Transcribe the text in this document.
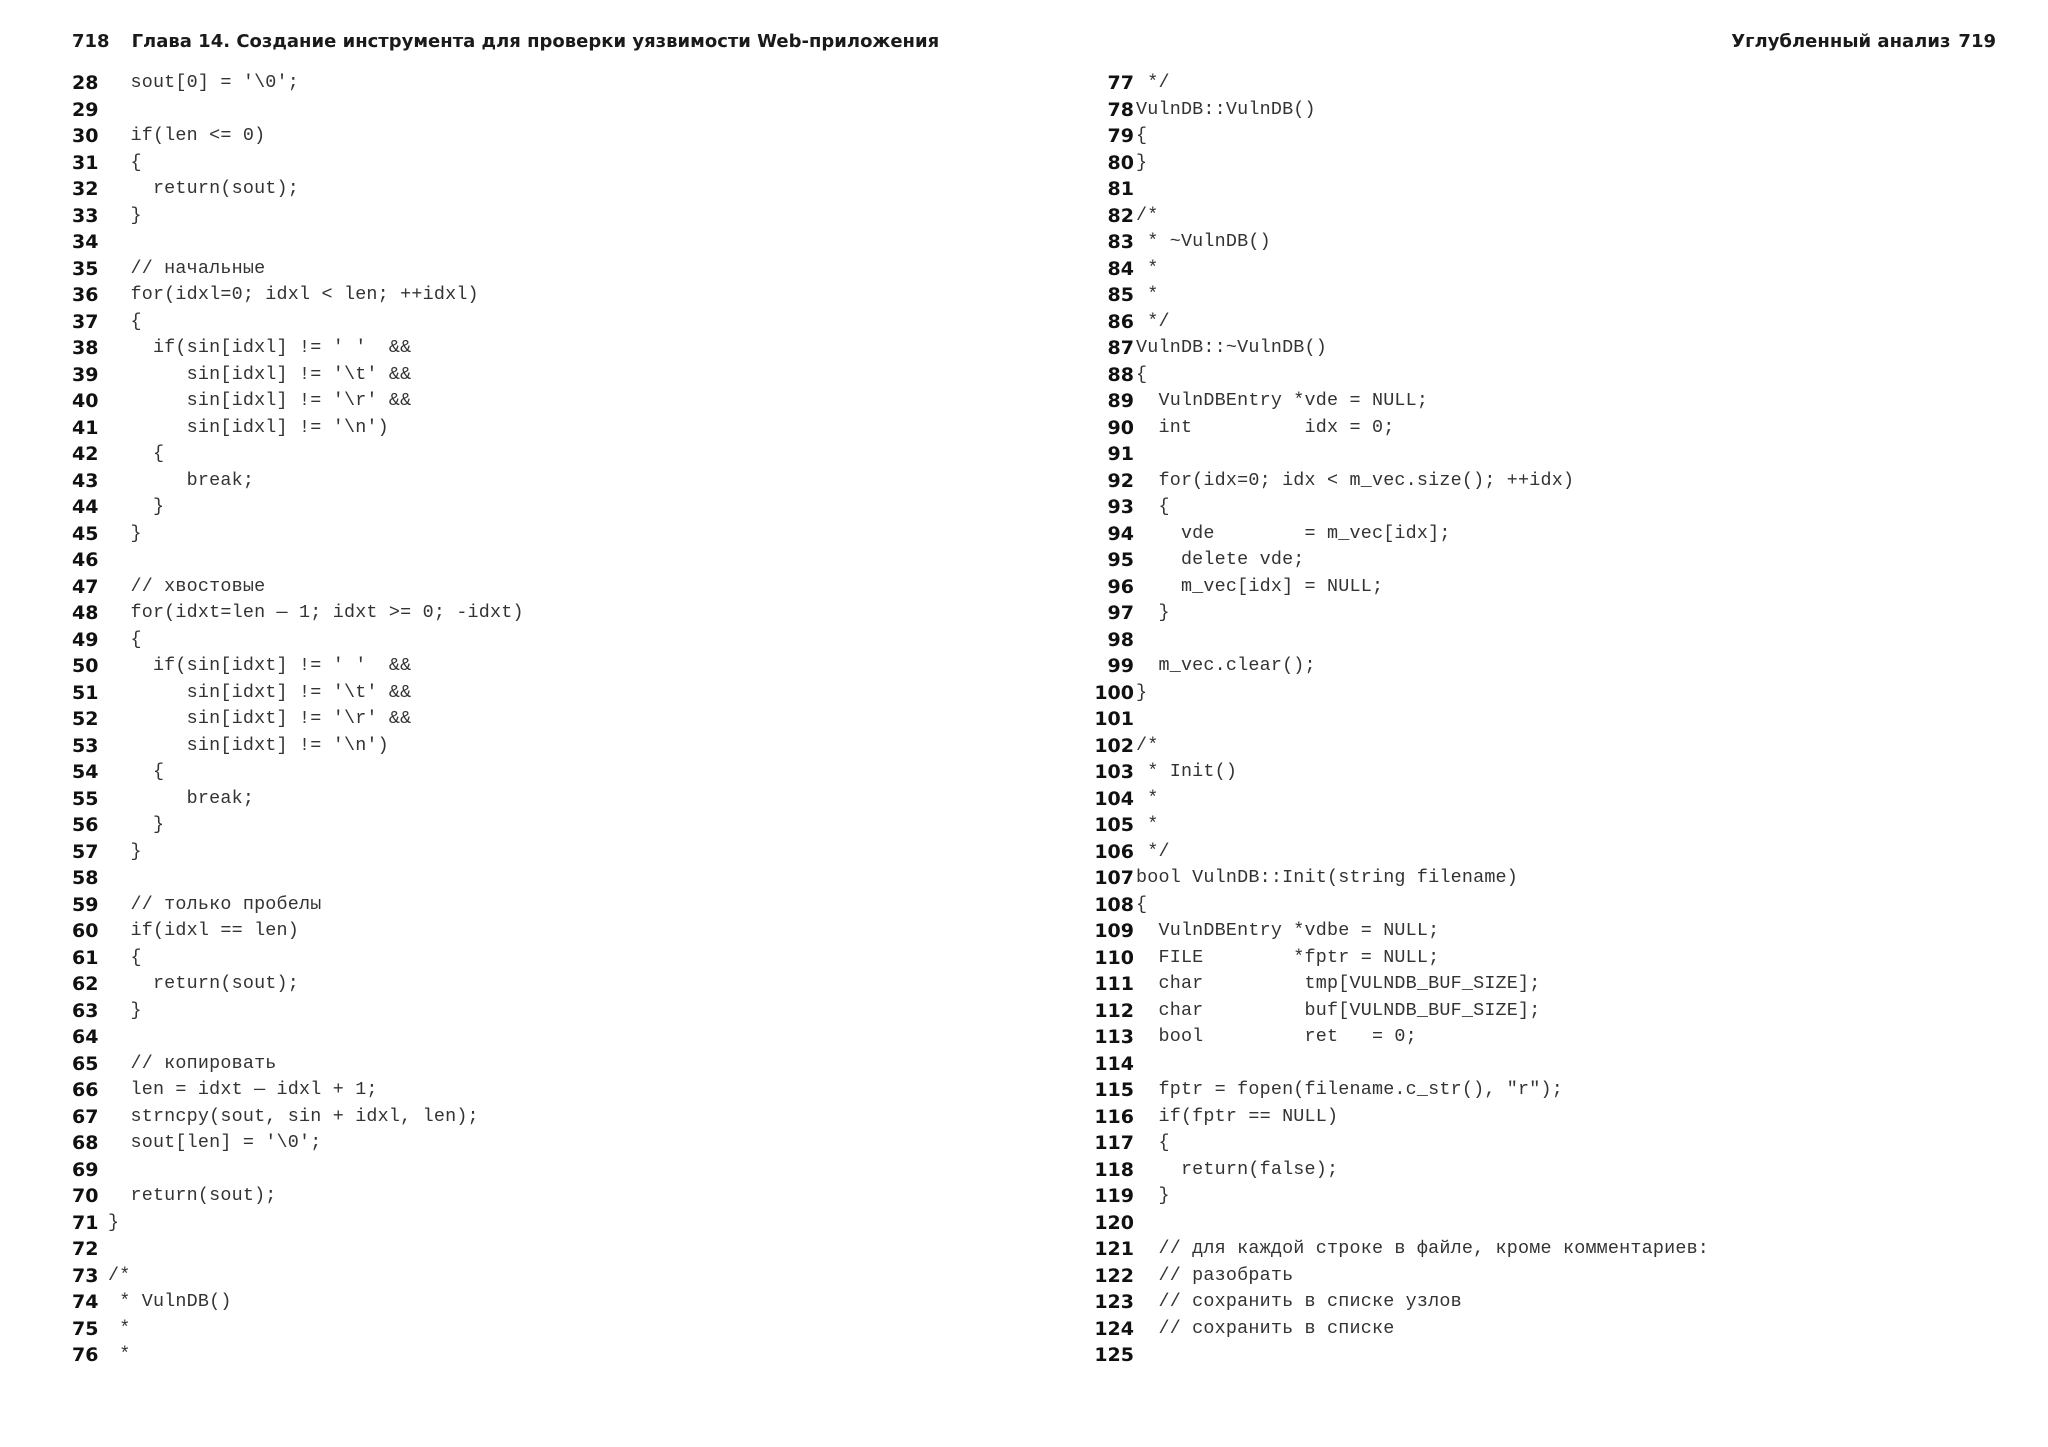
718 Глава 14. Создание инструмента для проверки уязвимости Web-приложения	Углубленный анализ 719
28 sout[0] = '\0';
29
30 if(len <= 0)
31 {
32 return(sout);
33 }
34
35 // начальные
36 for(idxl=0; idxl < len; ++idxl)
37 {
38 if(sin[idxl] != ' '  &&
39 sin[idxl] != '\t' &&
40 sin[idxl] != '\r' &&
41 sin[idxl] != '\n')
42 {
43 break;
44 }
45 }
46
47 // хвостовые
48 for(idxt=len — 1; idxt >= 0; -idxt)
49 {
50 if(sin[idxt] != ' '  &&
51 sin[idxt] != '\t' &&
52 sin[idxt] != '\r' &&
53 sin[idxt] != '\n')
54 {
55 break;
56 }
57 }
58
59 // только пробелы
60 if(idxl == len)
61 {
62 return(sout);
63 }
64
65 // копировать
66 len = idxt — idxl + 1;
67 strncpy(sout, sin + idxl, len);
68 sout[len] = '\0';
69
70 return(sout);
71 }
72
73 /*
74 * VulnDB()
75 *
76 *
77 */
78 VulnDB::VulnDB()
79 {
80 }
81
82 /*
83 * ~VulnDB()
84 *
85 *
86 */
87 VulnDB::~VulnDB()
88 {
89 VulnDBEntry *vde = NULL;
90 int          idx = 0;
91
92 for(idx=0; idx < m_vec.size(); ++idx)
93 {
94 vde        = m_vec[idx];
95 delete vde;
96 m_vec[idx] = NULL;
97 }
98
99 m_vec.clear();
100 }
101
102 /*
103 * Init()
104 *
105 *
106 */
107 bool VulnDB::Init(string filename)
108 {
109 VulnDBEntry *vdbe = NULL;
110 FILE        *fptr = NULL;
111 char         tmp[VULNDB_BUF_SIZE];
112 char         buf[VULNDB_BUF_SIZE];
113 bool         ret   = 0;
114
115 fptr = fopen(filename.c_str(), "r");
116 if(fptr == NULL)
117 {
118 return(false);
119 }
120
121 // для каждой строке в файле, кроме комментариев:
122 // разобрать
123 // сохранить в списке узлов
124 // сохранить в списке
125
